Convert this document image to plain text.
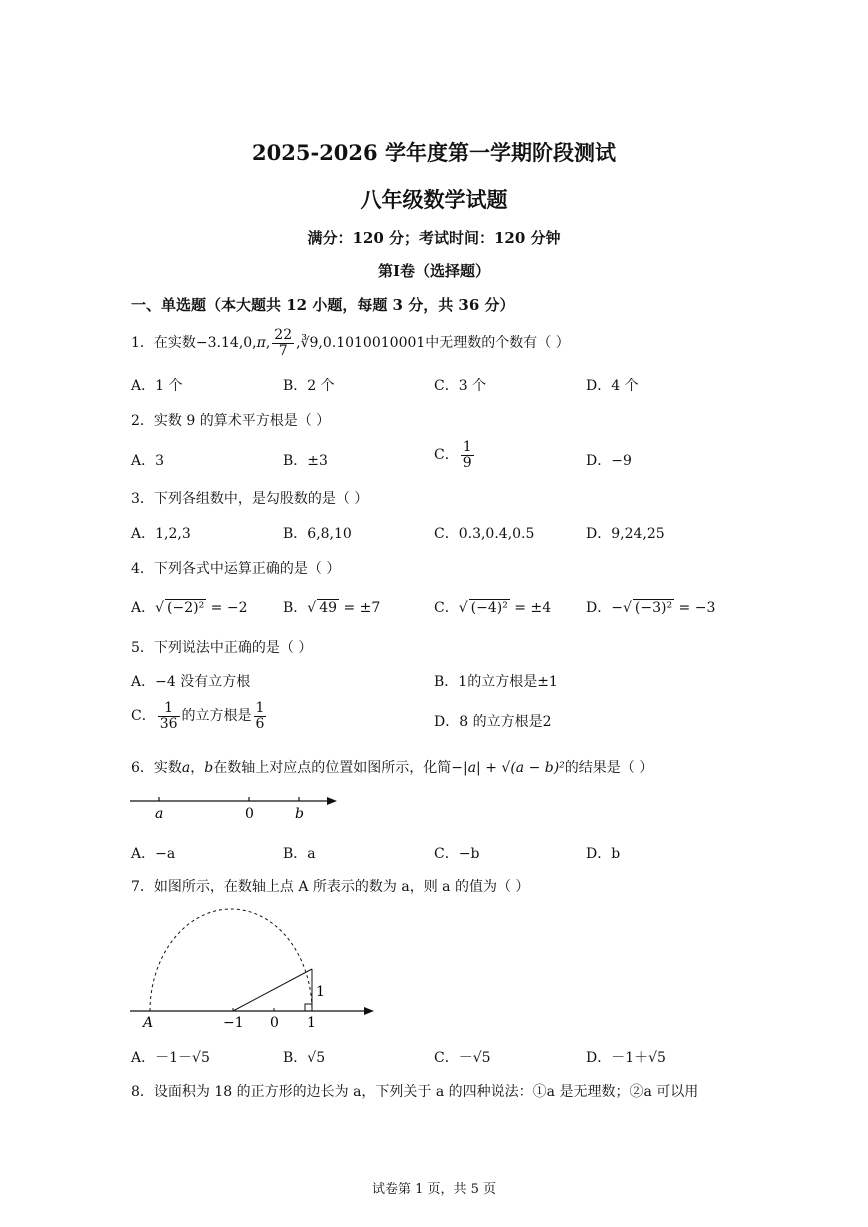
2025-2026 学年度第一学期阶段测试
八年级数学试题
满分：120 分；考试时间：120 分钟
第Ⅰ卷（选择题）
一、单选题（本大题共 12 小题，每题 3 分，共 36 分）
1．在实数−3.14,0,π, $\frac{22}{7}$ ,∛9,0.1010010001中无理数的个数有（ ）
A．1 个	B．2 个	C．3 个	D．4 个
2．实数 9 的算术平方根是（ ）
A．3	B．±3	C． $\frac{1}{9}$	D．−9
3．下列各组数中，是勾股数的是（ ）
A．1,2,3	B．6,8,10	C．0.3,0.4,0.5	D．9,24,25
4．下列各式中运算正确的是（ ）
A．√ (−2)² = −2	B．√ 49 = ±7	C．√ (−4)² = ±4 D．−√ (−3)² = −3
5．下列说法中正确的是（ ）
A．−4 没有立方根	B．1的立方根是±1
C． $\frac{1}{36}$ 的立方根是 $\frac{1}{6}$	D．8 的立方根是2
6．实数a，b在数轴上对应点的位置如图所示，化简−|a| + √(a − b)²的结果是（ ）
a	0	b
A．−a	B．a	C．−b	D．b
7．如图所示，在数轴上点 A 所表示的数为 a，则 a 的值为（ ）
A	−1 0 1
1
A．－1－√5	B．√5	C．－√5	D．－1＋√5
8．设面积为 18 的正方形的边长为 a，下列关于 a 的四种说法：①a 是无理数；②a 可以用
试卷第 1 页，共 5 页
